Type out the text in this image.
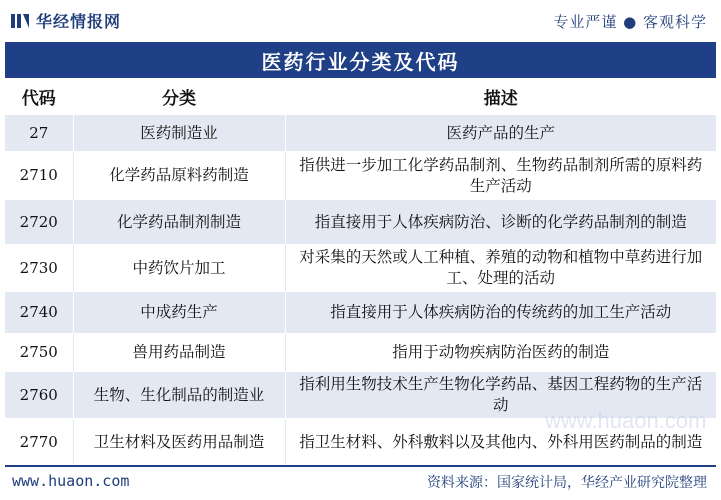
华经情报网	专业严谨 ● 客观科学
医药行业分类及代码
代码	分类	描述
27	医药制造业	医药产品的生产
2710	化学药品原料药制造	指供进一步加工化学药品制剂、生物药品制剂所需的原料药生产活动
2720	化学药品制剂制造	指直接用于人体疾病防治、诊断的化学药品制剂的制造
2730	中药饮片加工	对采集的天然或人工种植、养殖的动物和植物中草药进行加工、处理的活动
2740	中成药生产	指直接用于人体疾病防治的传统药的加工生产活动
2750	兽用药品制造	指用于动物疾病防治医药的制造
2760	生物、生化制品的制造业	指利用生物技术生产生物化学药品、基因工程药物的生产活动
2770	卫生材料及医药用品制造	指卫生材料、外科敷料以及其他内、外科用医药制品的制造
www.huaon.com
www.huaon.com	资料来源：国家统计局，华经产业研究院整理
